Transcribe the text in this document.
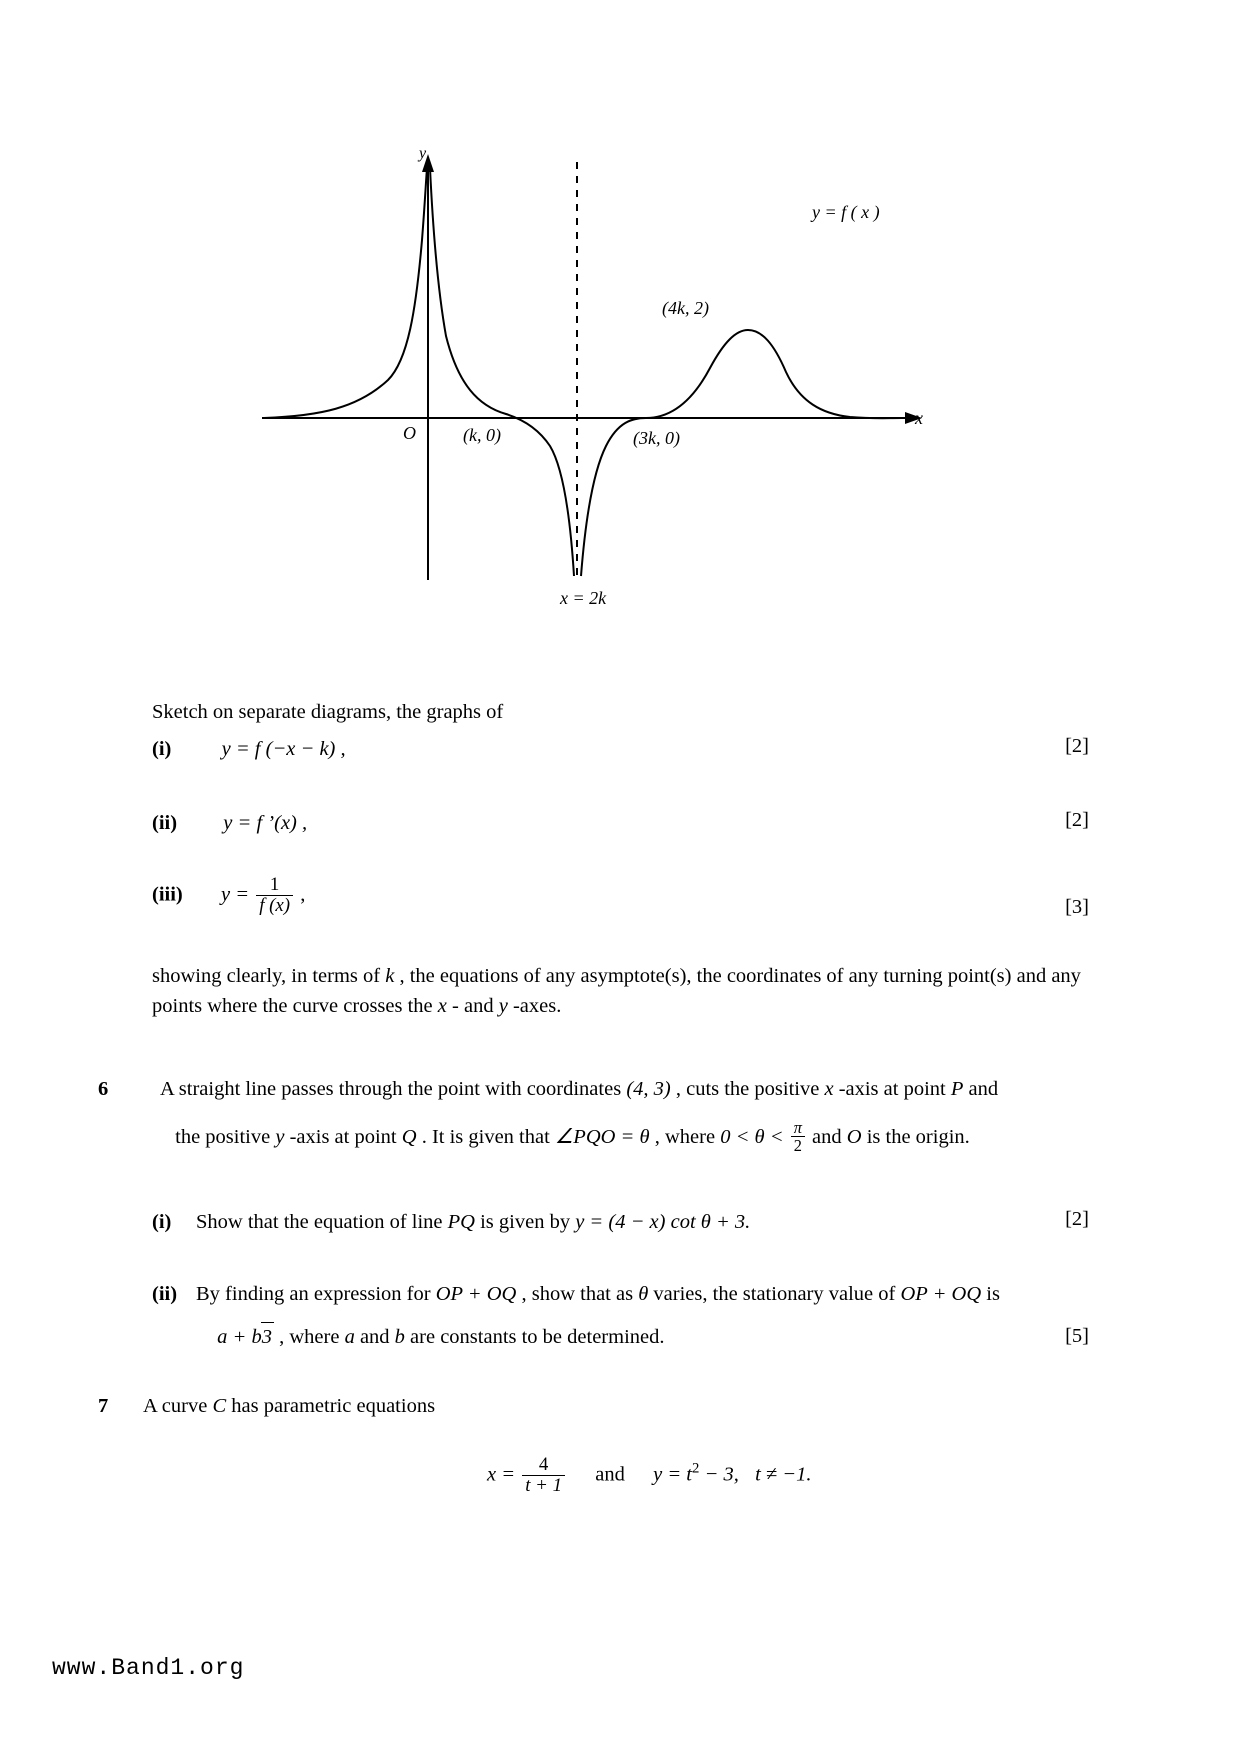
y
x
O
y = f ( x )
(4k, 2)
(k, 0)	(3k, 0)
x = 2k
Sketch on separate diagrams, the graphs of
(i) y = f (−x − k) ,	[2]
(ii) y = f ’(x) ,	[2]
(iii) $y = \frac{1}{f (x)}$ ,
[3]
showing clearly, in terms of k , the equations of any asymptote(s), the coordinates of any turning point(s) and any points where the curve crosses the x - and y -axes.
6	A straight line passes through the point with coordinates (4, 3) , cuts the positive x -axis at point P and
the positive y -axis at point Q . It is given that ∠PQO = θ , where $0 < \theta < \frac{\pi}{2}$ and O is the origin.
(i) Show that the equation of line PQ is given by y = (4 − x) cot θ + 3.	[2]
(ii) By finding an expression for OP + OQ , show that as θ varies, the stationary value of OP + OQ is
a + b3 , where a and b are constants to be determined.	[5]
7 A curve C has parametric equations
$x = \frac{4}{t + 1}$ and $y = t^2 - 3$, t ≠ −1.
www.Band1.org
